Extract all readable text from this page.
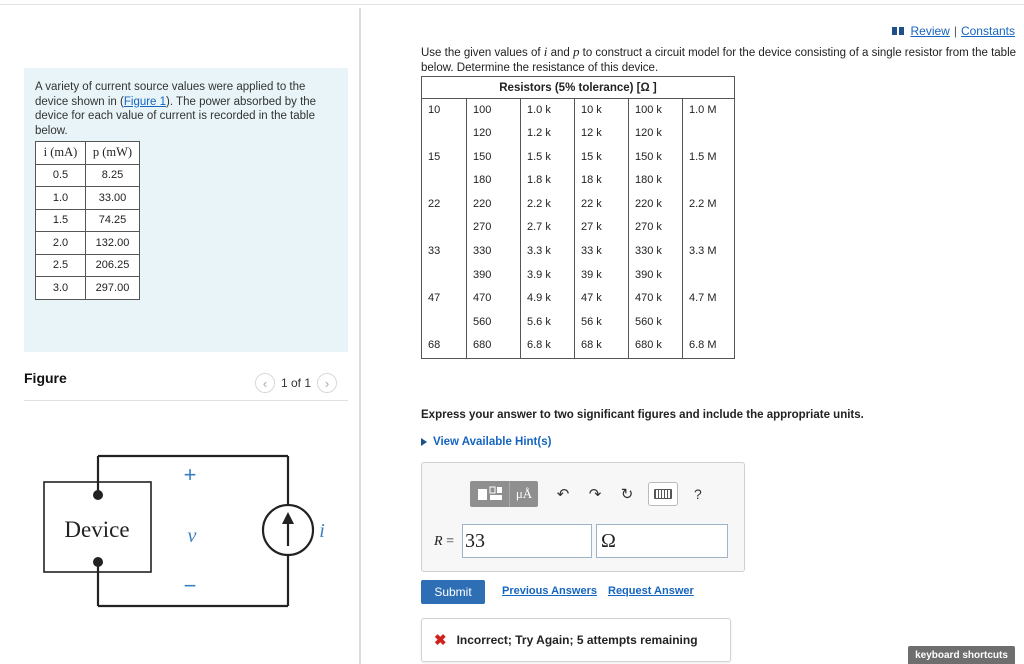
A variety of current source values were applied to the device shown in (Figure 1). The power absorbed by the device for each value of current is recorded in the table below.
i (mA)	p (mW)
0.5	8.25
1.0	33.00
1.5	74.25
2.0	132.00
2.5	206.25
3.0	297.00
Figure	‹ 1 of 1 ›
Device
+
v
−
i
Review | Constants
Use the given values of i and p to construct a circuit model for the device consisting of a single resistor from the table below. Determine the resistance of this device.
Resistors (5% tolerance) [Ω ]					
10	100	1.0 k	10 k	100 k	1.0 M
	120	1.2 k	12 k	120 k	
15	150	1.5 k	15 k	150 k	1.5 M
	180	1.8 k	18 k	180 k	
22	220	2.2 k	22 k	220 k	2.2 M
	270	2.7 k	27 k	270 k	
33	330	3.3 k	33 k	330 k	3.3 M
	390	3.9 k	39 k	390 k	
47	470	4.9 k	47 k	470 k	4.7 M
	560	5.6 k	56 k	560 k	
68	680	6.8 k	68 k	680 k	6.8 M
Express your answer to two significant figures and include the appropriate units.
View Available Hint(s)
μÅ	↶ ↷ ↻	?
R = 33	Ω
Submit	Previous Answers Request Answer
✖ Incorrect; Try Again; 5 attempts remaining
keyboard shortcuts
